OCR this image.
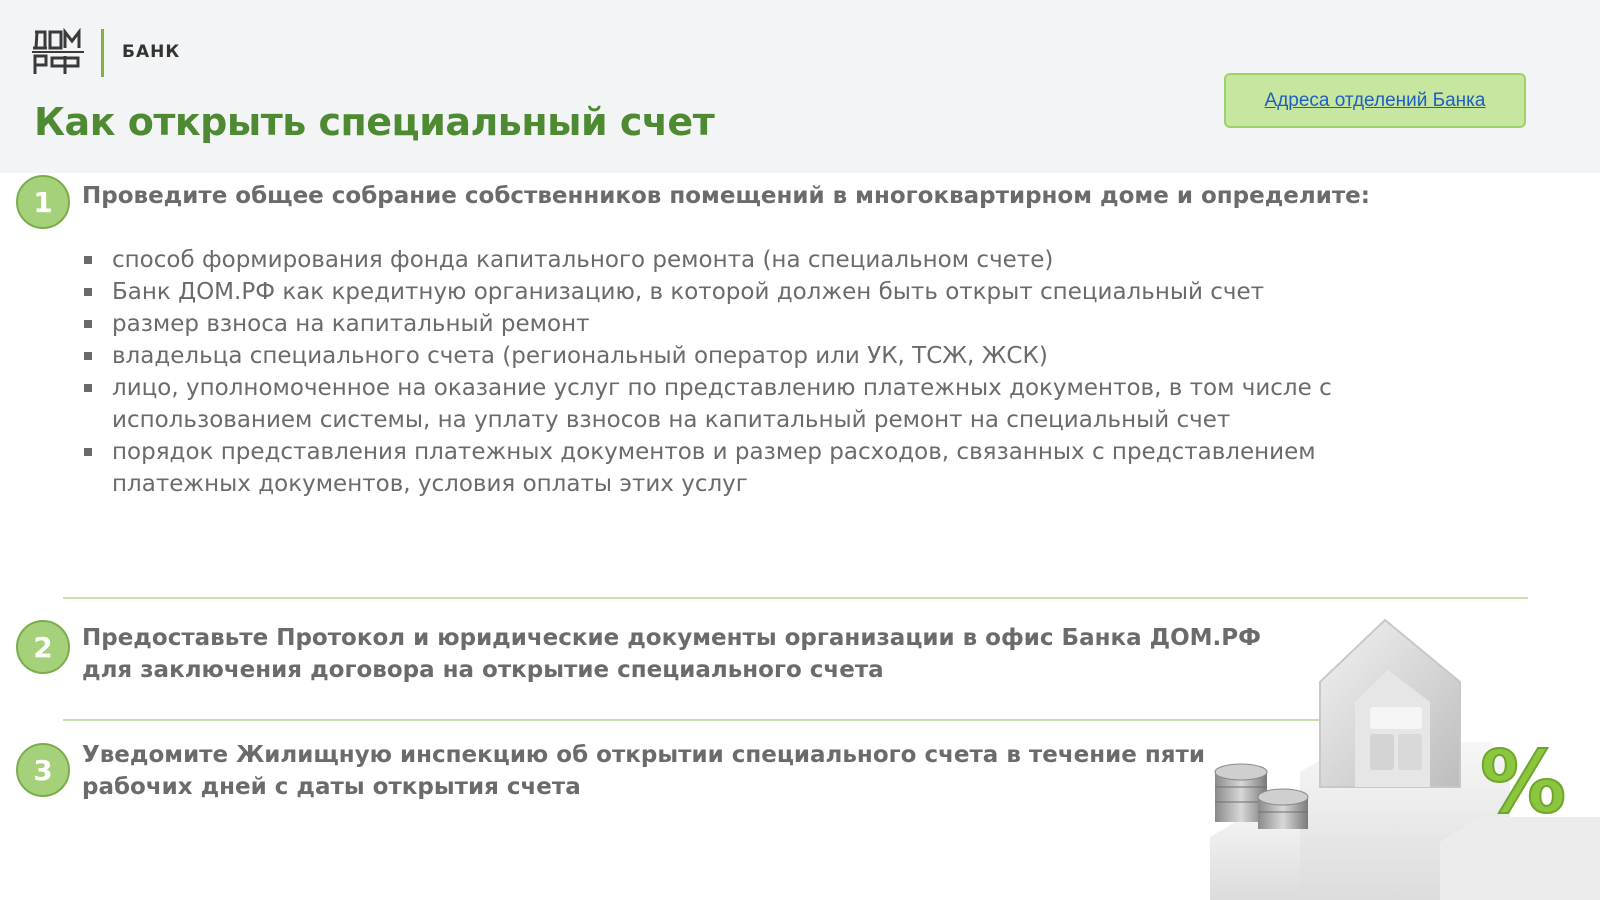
БАНК
Как открыть специальный счет	Адреса отделений Банка
1 Проведите общее собрание собственников помещений в многоквартирном доме и определите:

способ формирования фонда капитального ремонта (на специальном счете)
Банк ДОМ.РФ как кредитную организацию, в которой должен быть открыт специальный счет
размер взноса на капитальный ремонт
владельца специального счета (региональный оператор или УК, ТСЖ, ЖСК)
лицо, уполномоченное на оказание услуг по представлению платежных документов, в том числе с использованием системы, на уплату взносов на капитальный ремонт на специальный счет
порядок представления платежных документов и размер расходов, связанных с представлением платежных документов, условия оплаты этих услуг
2 Предоставьте Протокол и юридические документы организации в офис Банка ДОМ.РФ
для заключения договора на открытие специального счета

3 Уведомите Жилищную инспекцию об открытии специального счета в течение пяти
рабочих дней с даты открытия счета	%
